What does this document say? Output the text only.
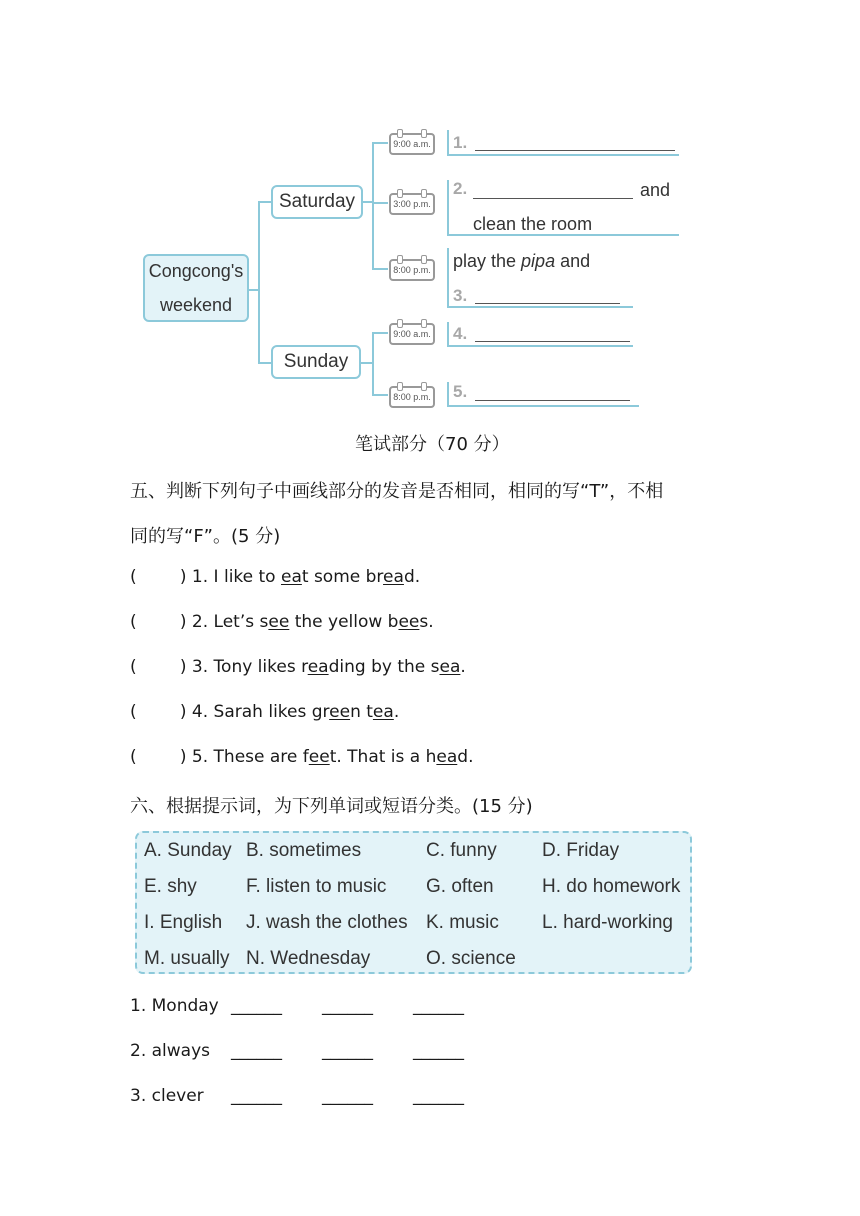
Congcong's
weekend
Saturday
Sunday
9:00 a.m.
3:00 p.m.
8:00 p.m.
9:00 a.m.
8:00 p.m.
1.
2.	and
clean the room
play the pipa and
3.
4.
5.
笔试部分（70 分）
五、判断下列句子中画线部分的发音是否相同，相同的写“T”，不相
同的写“F”。(5 分)
(        ) 1. I like to eat some bread.
(        ) 2. Let’s see the yellow bees.
(        ) 3. Tony likes reading by the sea.
(        ) 4. Sarah likes green tea.
(        ) 5. These are feet. That is a head.
六、根据提示词，为下列单词或短语分类。(15 分)
A. Sunday B. sometimes	C. funny D. Friday
E. shy	F. listen to music G. often	H. do homework
I. English J. wash the clothes K. music L. hard-working
M. usually N. Wednesday	O. science
1. Monday ______ ______ ______
2. always ______ ______ ______
3. clever ______ ______ ______
